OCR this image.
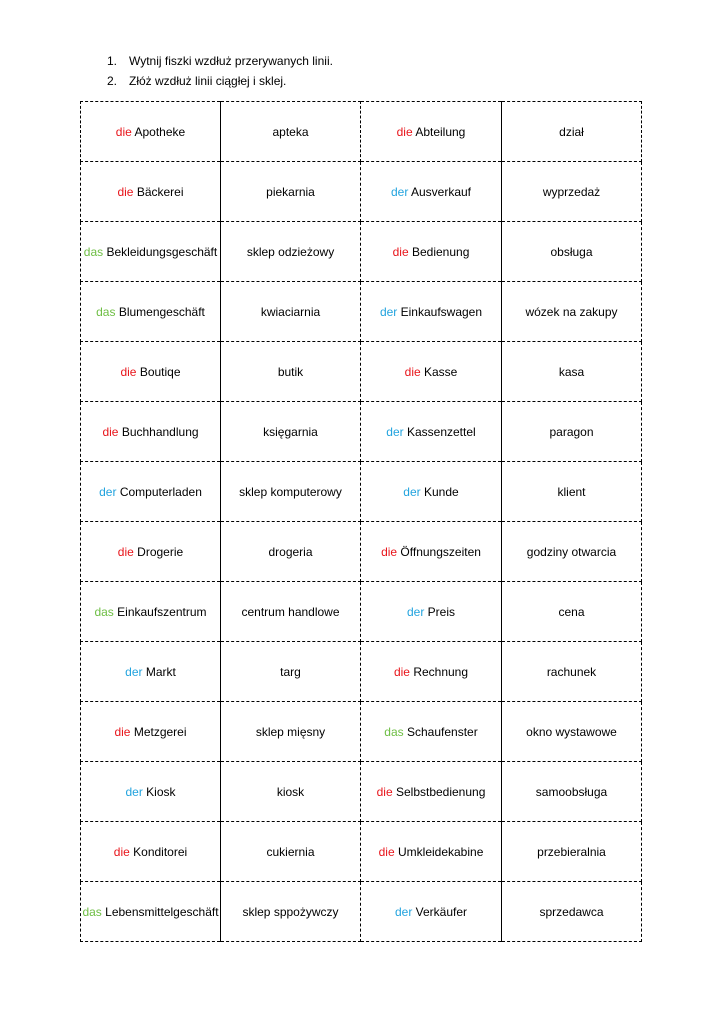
1. Wytnij fiszki wzdłuż przerywanych linii.
2. Złóż wzdłuż linii ciągłej i sklej.
die Apotheke	apteka	die Abteilung	dział
die Bäckerei	piekarnia	der Ausverkauf	wyprzedaż
das Bekleidungsgeschäft	sklep odzieżowy	die Bedienung	obsługa
das Blumengeschäft	kwiaciarnia	der Einkaufswagen	wózek na zakupy
die Boutiqe	butik	die Kasse	kasa
die Buchhandlung	księgarnia	der Kassenzettel	paragon
der Computerladen	sklep komputerowy	der Kunde	klient
die Drogerie	drogeria	die Öffnungszeiten	godziny otwarcia
das Einkaufszentrum	centrum handlowe	der Preis	cena
der Markt	targ	die Rechnung	rachunek
die Metzgerei	sklep mięsny	das Schaufenster	okno wystawowe
der Kiosk	kiosk	die Selbstbedienung	samoobsługa
die Konditorei	cukiernia	die Umkleidekabine	przebieralnia
das Lebensmittelgeschäft	sklep sppożywczy	der Verkäufer	sprzedawca
